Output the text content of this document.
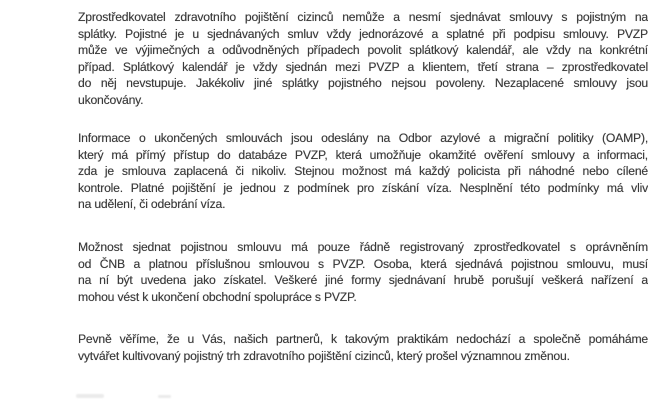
Zprostředkovatel zdravotního pojištění cizinců nemůže a nesmí sjednávat smlouvy s pojistným na
splátky. Pojistné je u sjednávaných smluv vždy jednorázové a splatné při podpisu smlouvy. PVZP
může ve výjimečných a odůvodněných případech povolit splátkový kalendář, ale vždy na konkrétní
případ. Splátkový kalendář je vždy sjednán mezi PVZP a klientem, třetí strana – zprostředkovatel
do něj nevstupuje. Jakékoliv jiné splátky pojistného nejsou povoleny. Nezaplacené smlouvy jsou
ukončovány.
Informace o ukončených smlouvách jsou odeslány na Odbor azylové a migrační politiky (OAMP),
který má přímý přístup do databáze PVZP, která umožňuje okamžité ověření smlouvy a informaci,
zda je smlouva zaplacená či nikoliv. Stejnou možnost má každý policista při náhodné nebo cílené
kontrole. Platné pojištění je jednou z podmínek pro získání víza. Nesplnění této podmínky má vliv
na udělení, či odebrání víza.
Možnost sjednat pojistnou smlouvu má pouze řádně registrovaný zprostředkovatel s oprávněním
od ČNB a platnou příslušnou smlouvou s PVZP. Osoba, která sjednává pojistnou smlouvu, musí
na ní být uvedena jako získatel. Veškeré jiné formy sjednávaní hrubě porušují veškerá nařízení a
mohou vést k ukončení obchodní spolupráce s PVZP.
Pevně věříme, že u Vás, našich partnerů, k takovým praktikám nedochází a společně pomáháme
vytvářet kultivovaný pojistný trh zdravotního pojištění cizinců, který prošel významnou změnou.
